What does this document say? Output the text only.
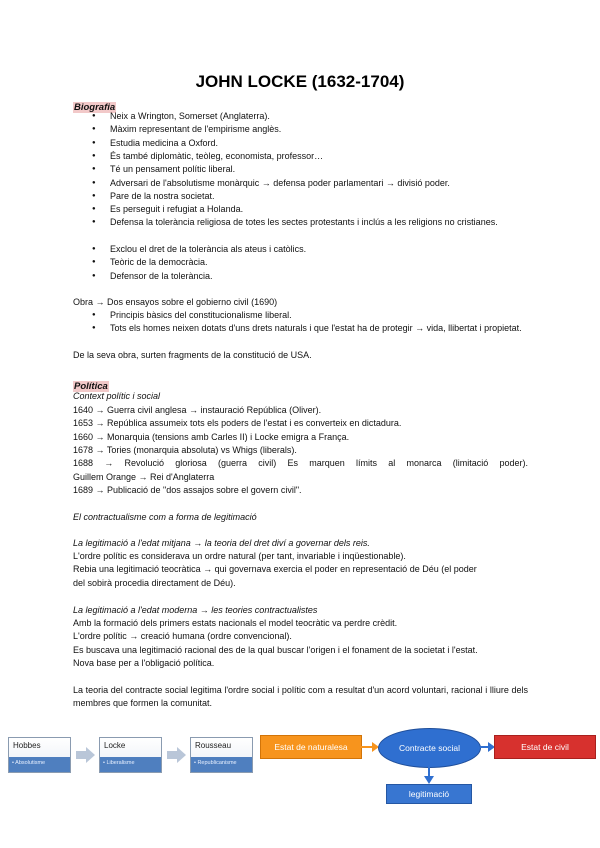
JOHN LOCKE (1632-1704)
Biografia
● Neix a Wrington, Somerset (Anglaterra).
● Màxim representant de l'empirisme anglès.
● Estudia medicina a Oxford.
● És també diplomàtic, teòleg, economista, professor…
● Té un pensament polític liberal.
● Adversari de l'absolutisme monàrquic → defensa poder parlamentari → divisió poder.
● Pare de la nostra societat.
● Es perseguit i refugiat a Holanda.
● Defensa la tolerància religiosa de totes les sectes protestants i inclús a les religions no cristianes.
● Exclou el dret de la tolerància als ateus i catòlics.
● Teòric de la democràcia.
● Defensor de la tolerància.
Obra → Dos ensayos sobre el gobierno civil (1690)
● Principis bàsics del constitucionalisme liberal.
● Tots els homes neixen dotats d'uns drets naturals i que l'estat ha de protegir → vida, llibertat i propietat.
De la seva obra, surten fragments de la constitució de USA.
Política
Context polític i social
1640 → Guerra civil anglesa → instauració República (Oliver).
1653 → República assumeix tots els poders de l'estat i es converteix en dictadura.
1660 → Monarquia (tensions amb Carles II) i Locke emigra a França.
1678 → Tories (monarquia absoluta) vs Whigs (liberals).
1688 → Revolució gloriosa (guerra civil) Es marquen límits al monarca (limitació poder).
Guillem Orange → Rei d'Anglaterra
1689 → Publicació de "dos assajos sobre el govern civil".
El contractualisme com a forma de legitimació
La legitimació a l'edat mitjana → la teoria del dret diví a governar dels reis.
L'ordre polític es considerava un ordre natural (per tant, invariable i inqüestionable).
Rebia una legitimació teocràtica → qui governava exercia el poder en representació de Déu (el poder
del sobirà procedia directament de Déu).
La legitimació a l'edat moderna → les teories contractualistes
Amb la formació dels primers estats nacionals el model teocràtic va perdre crèdit.
L'ordre polític → creació humana (ordre convencional).
Es buscava una legitimació racional des de la qual buscar l'origen i el fonament de la societat i l'estat.
Nova base per a l'obligació política.
La teoria del contracte social legitima l'ordre social i polític com a resultat d'un acord voluntari, racional i lliure dels membres que formen la comunitat.
Hobbes
• Absolutisme
Locke
• Liberalisme
Rousseau
• Republicanisme
Estat de naturalesa	Contracte social	Estat de civil
legitimació
